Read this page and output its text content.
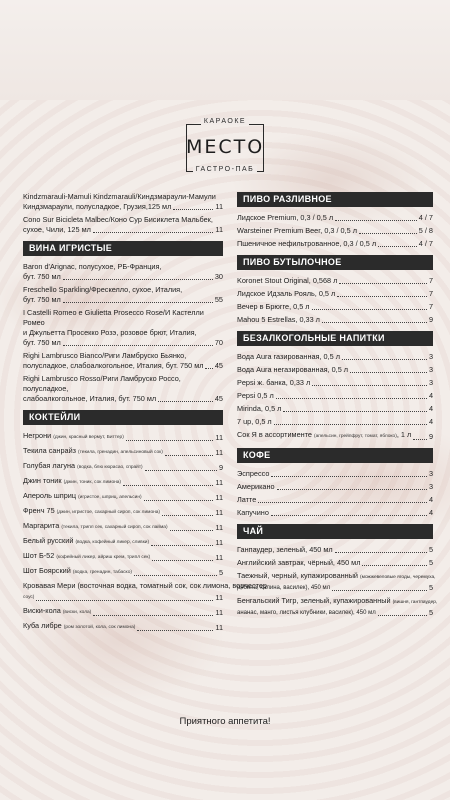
КАРАОКЕ
МЕСТО
ГАСТРО-ПАБ
Kindzmarauli-Mamuli Kindzmarauli/Киндзмараули-Мамули
Киндзмараули, полусладкое, Грузия,125 мл	11
Cono Sur Bicicleta Malbec/Коно Сур Бисиклета Мальбек,
сухое, Чили, 125 мл	11
ВИНА ИГРИСТЫЕ
Baron d'Arignac, полусухое, РБ-Франция,
бут. 750 мл	30
Freschello Sparkling/Фрескелло, сухое, Италия,
бут. 750 мл	55
I Castelli Romeo e Giulietta Prosecco Rose/И Кастелли Ромео
и Джульетта Просекко Розэ, розовое брют, Италия,
бут. 750 мл	70
Righi Lambrusco Bianco/Риги Ламбруско Бьянко,
полусладкое, слабоалкогольное, Италия, бут. 750 мл 45
Righi Lambrusco Rosso/Риги Ламбруско Россо, полусладкое,
слабоалкогольное, Италия, бут. 750 мл	45
КОКТЕЙЛИ
Негрони (джин, красный вермут, Биттер)	11
Текила санрайз (текила, гренадин, апельсиновый сок)	11
Голубая лагуна (водка, блю кюрасао, спрайт)	9
Джин тоник (джин, тоник, сок лимона)	11
Апероль шприц (игристое, шприц, апельсин)	11
Френч 75 (джин, игристое, сахарный сироп, сок лимона)	11
Маргарита (текила, трипл сек, сахарный сироп, сок лайма)	11
Белый русский (водка, кофейный ликер, сливки)	11
Шот Б-52 (кофейный ликер, айриш крем, трипл сек)	11
Шот Боярский (водка, гренадин, табаско)	5
Кровавая Мери (восточная водка, томатный сок, сок лимона, ворчестер
соус)	11
Виски-кола (виски, кола)	11
Куба либре (ром золотой, кола, сок лимона)	11
ПИВО РАЗЛИВНОЕ
Лидское Premium, 0,3 / 0,5 л	4 / 7
Warsteiner Premium Beer, 0,3 / 0,5 л	5 / 8
Пшеничное нефильтрованное, 0,3 / 0,5 л	4 / 7
ПИВО БУТЫЛОЧНОЕ
Koronet Stout Original, 0,568 л	7
Лидское Идзаль Рояль, 0,5 л	7
Вечер в Брюгге, 0,5 л	7
Mahou 5 Estrellas, 0,33 л	9
БЕЗАЛКОГОЛЬНЫЕ НАПИТКИ
Вода Aura газированная, 0,5 л	3
Вода Aura негазированная, 0,5 л	3
Pepsi ж. банка, 0,33 л	3
Pepsi 0,5 л	4
Mirinda, 0,5 л	4
7 up, 0,5 л	4
Сок Я в ассортименте (апельсин, грейпфрут, томат, яблоко), 1 л 9
КОФЕ
Эспрессо	3
Американо	3
Латте	4
Капучино	4
ЧАЙ
Ганпаудер, зеленый, 450 мл	5
Английский завтрак, чёрный, 450 мл	5
Таежный, черный, купажированный (можжевеловые ягоды, черемуха,
рябина, калина, василек), 450 мл	5
Бенгальский Тигр, зеленый, купажированный (вишня, гантпаудер,
ананас, манго, листья клубники, василек), 450 мл	5
Приятного аппетита!
